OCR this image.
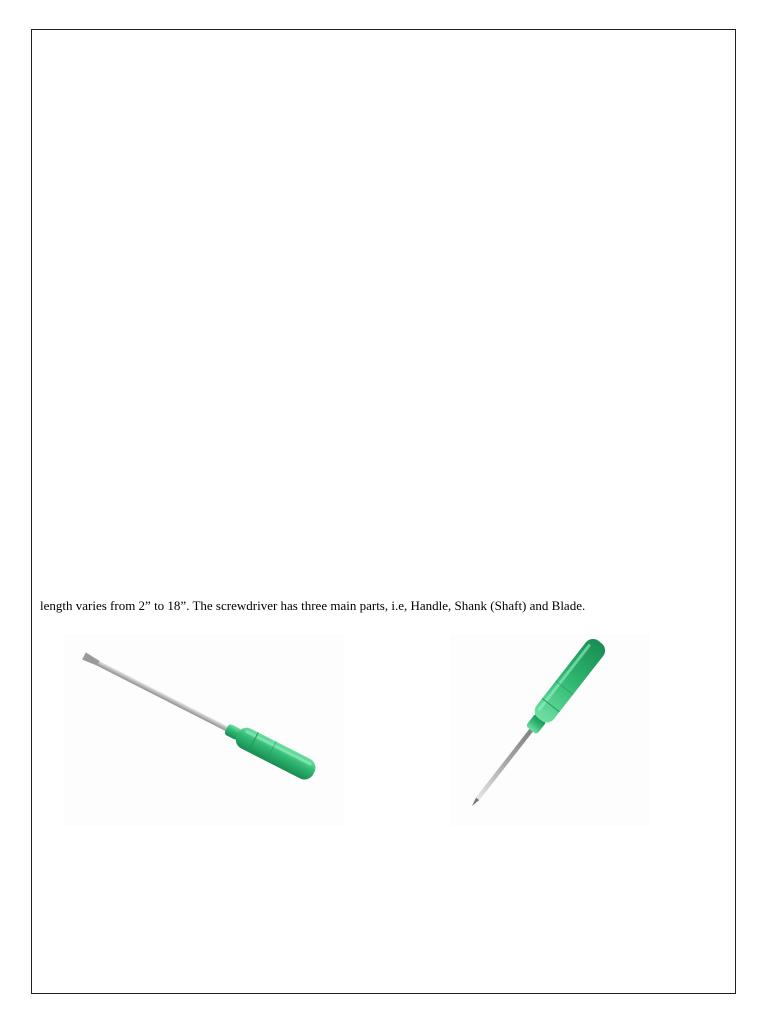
length varies from 2” to 18”. The screwdriver has three main parts, i.e, Handle, Shank (Shaft) and Blade.
